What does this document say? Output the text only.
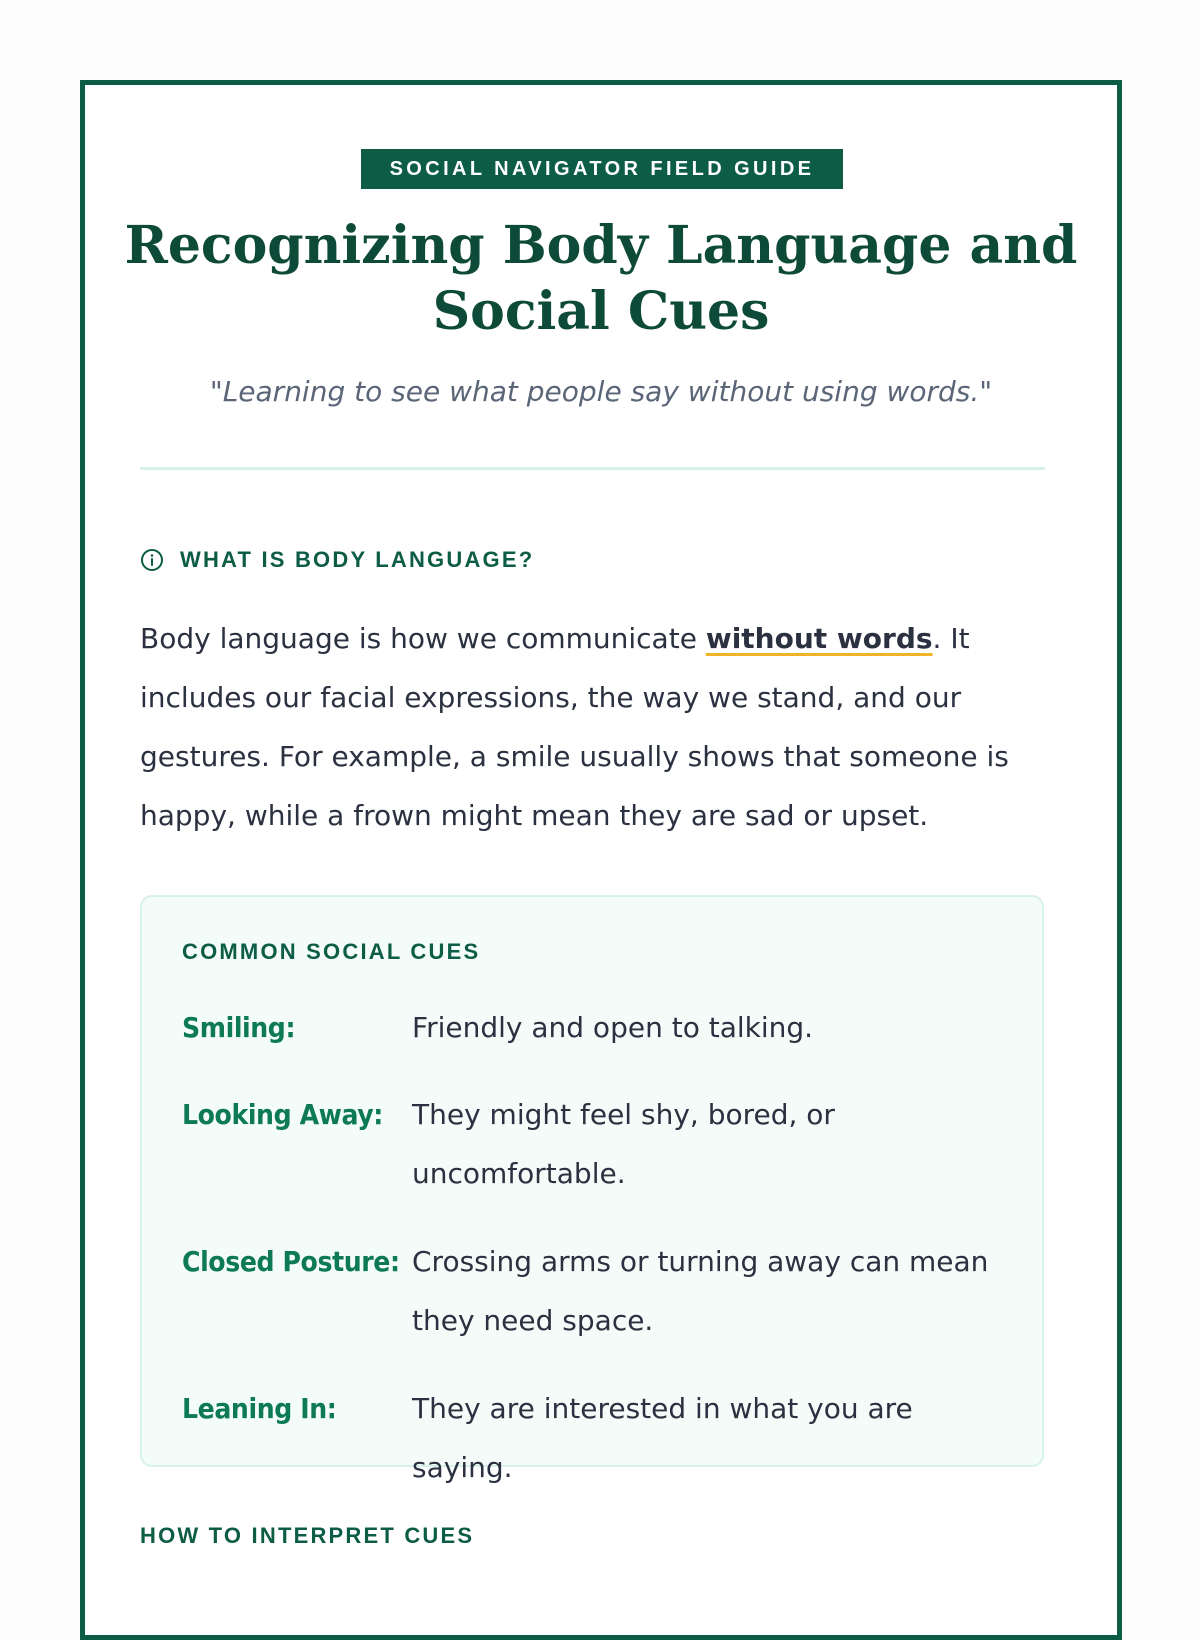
SOCIAL NAVIGATOR FIELD GUIDE
Recognizing Body Language and Social Cues
"Learning to see what people say without using words."
WHAT IS BODY LANGUAGE?
Body language is how we communicate without words. It includes our facial expressions, the way we stand, and our gestures. For example, a smile usually shows that someone is happy, while a frown might mean they are sad or upset.
COMMON SOCIAL CUES
Smiling:	Friendly and open to talking.
Looking Away:	They might feel shy, bored, or uncomfortable.
Closed Posture: Crossing arms or turning away can mean they need space.
Leaning In:	They are interested in what you are saying.
HOW TO INTERPRET CUES
